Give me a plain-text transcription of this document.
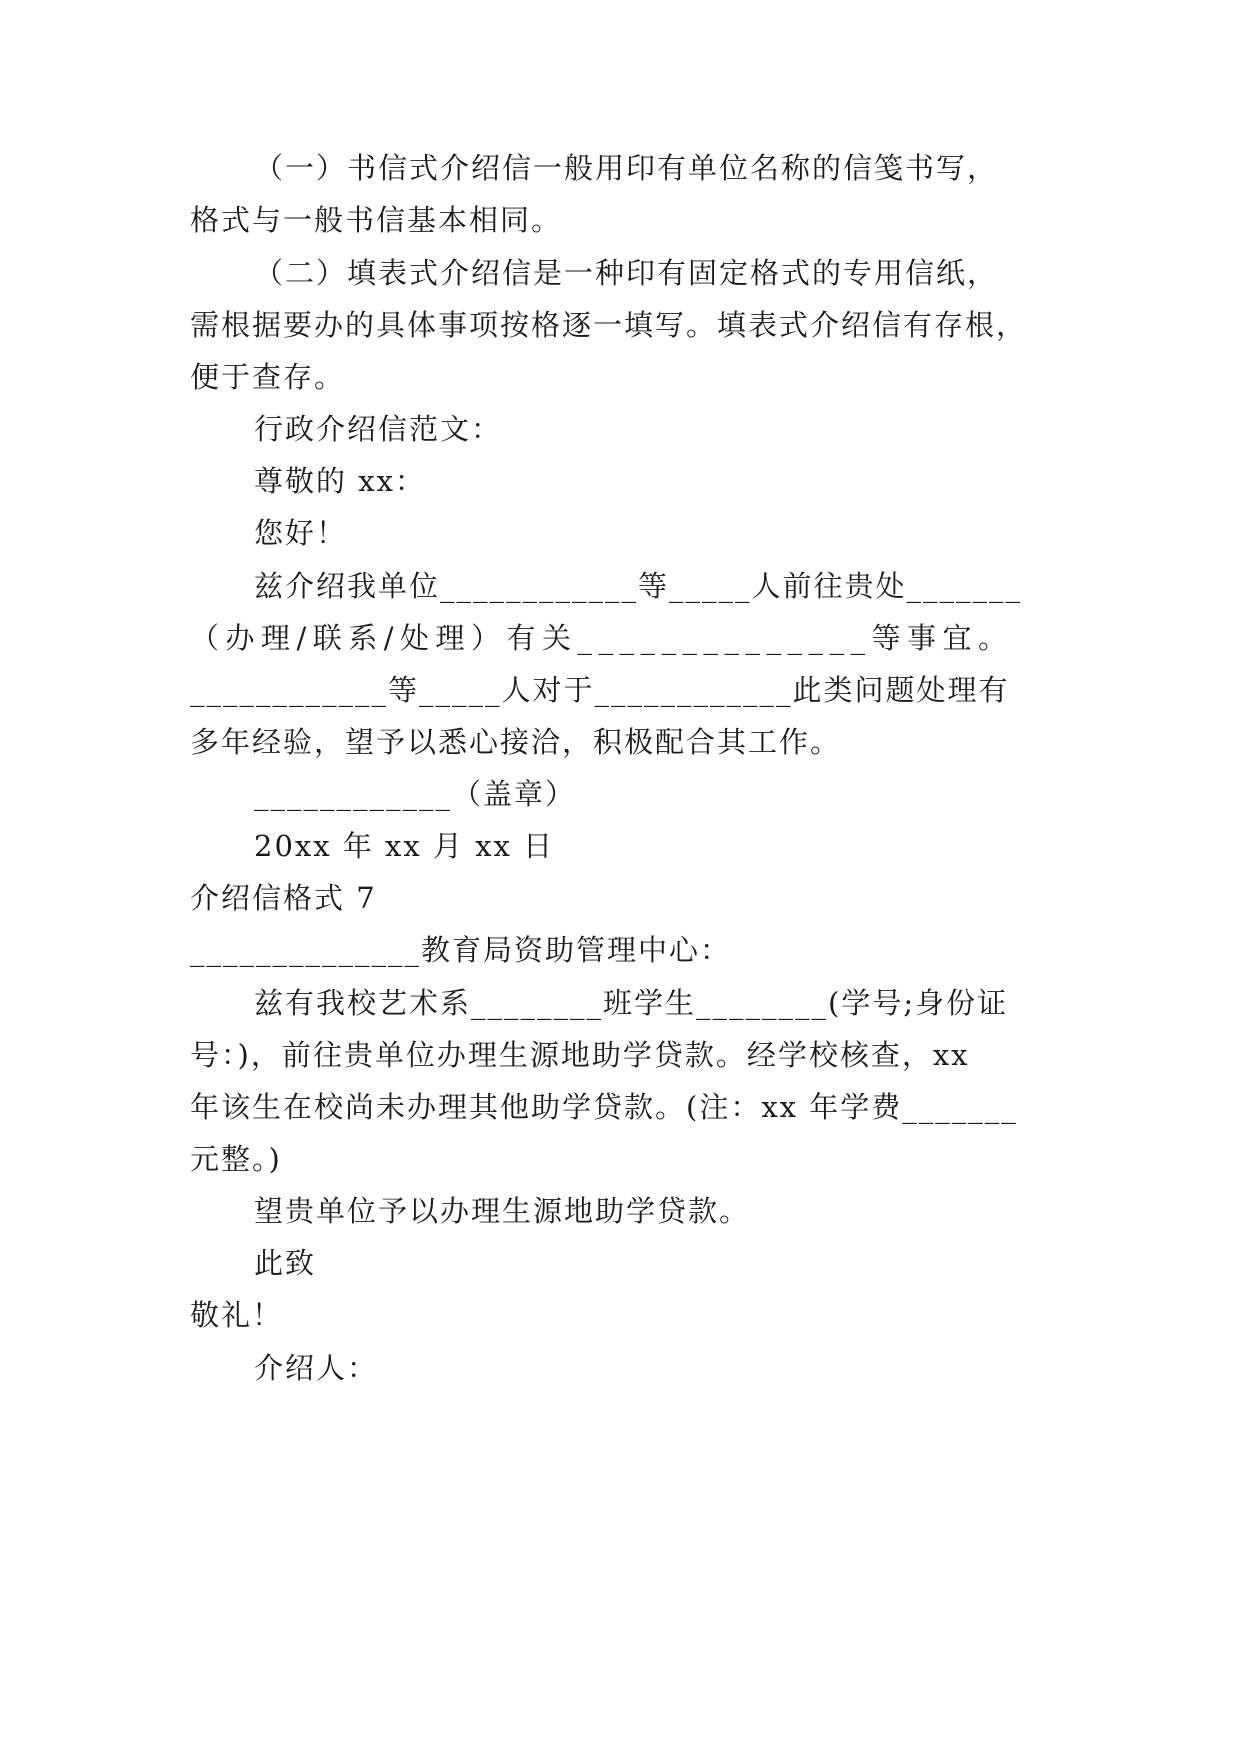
（一）书信式介绍信一般用印有单位名称的信笺书写，
格式与一般书信基本相同。
（二）填表式介绍信是一种印有固定格式的专用信纸，
需根据要办的具体事项按格逐一填写。填表式介绍信有存根，
便于查存。
行政介绍信范文：
尊敬的 xx：
您好！
兹介绍我单位____________等_____人前往贵处_______
（办理/联系/处理）有关______________等事宜。
____________等_____人对于____________此类问题处理有
多年经验，望予以悉心接洽，积极配合其工作。
____________（盖章）
20xx 年 xx 月 xx 日
介绍信格式 7
______________教育局资助管理中心：
兹有我校艺术系________班学生________(学号;身份证
号：)，前往贵单位办理生源地助学贷款。经学校核查，xx
年该生在校尚未办理其他助学贷款。(注：xx 年学费_______
元整。)
望贵单位予以办理生源地助学贷款。
此致
敬礼！
介绍人：
